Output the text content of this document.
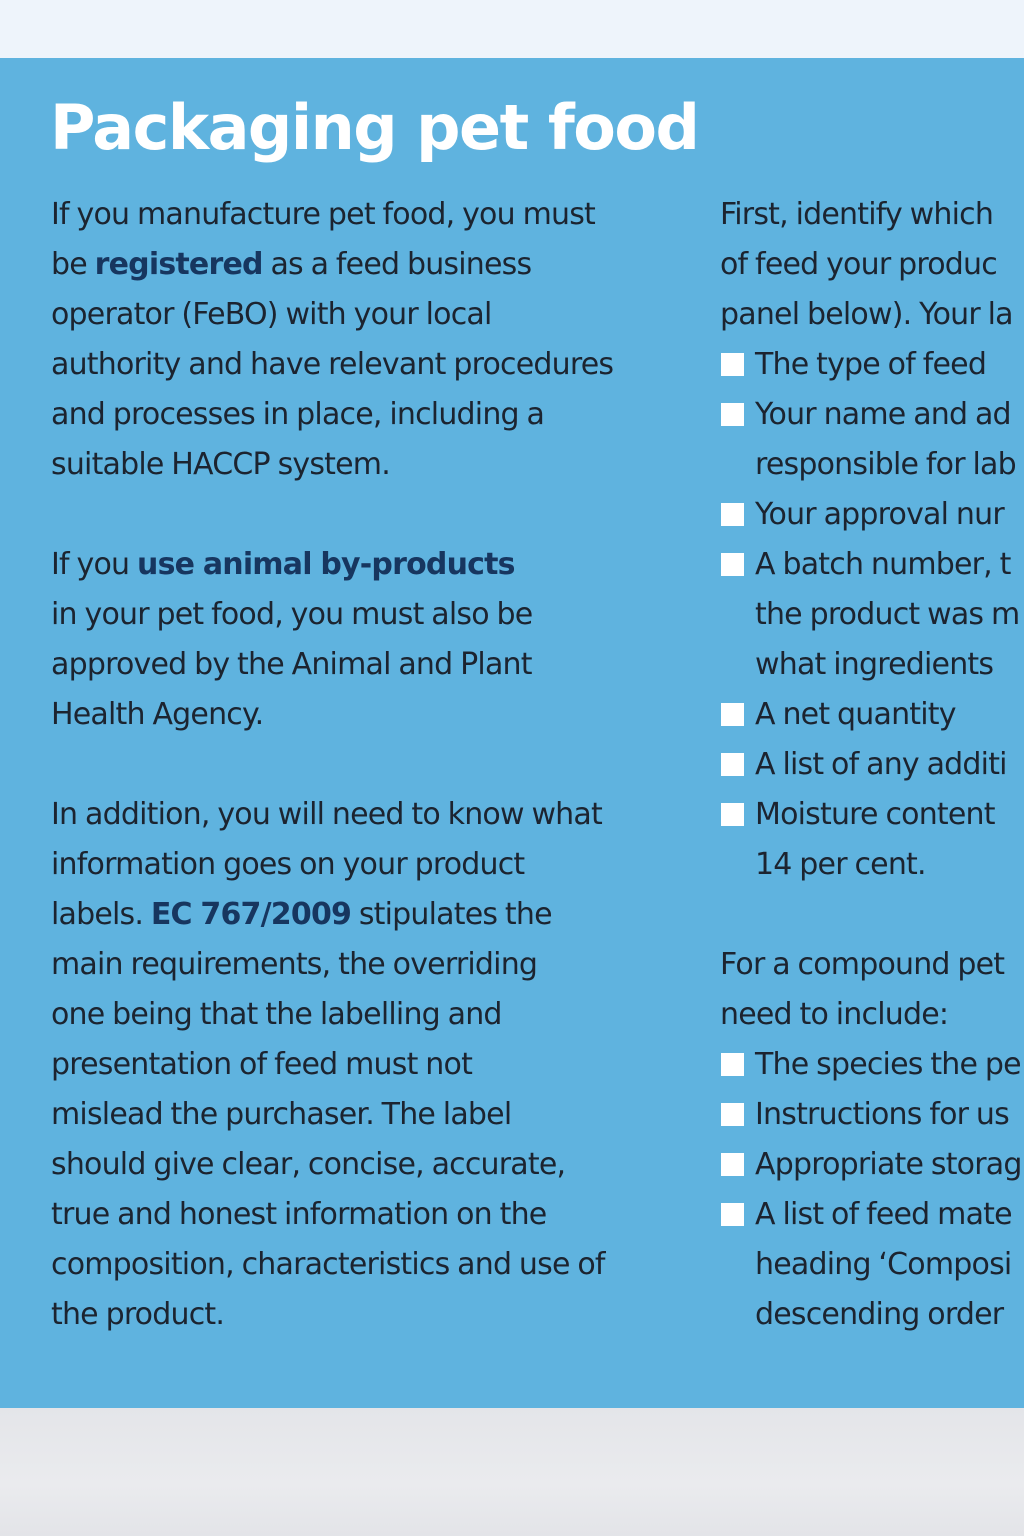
Packaging pet food

If you manufacture pet food, you must
be registered as a feed business
operator (FeBO) with your local
authority and have relevant procedures
and processes in place, including a
suitable HACCP system.

If you use animal by-products
in your pet food, you must also be
approved by the Animal and Plant
Health Agency.

In addition, you will need to know what
information goes on your product
labels. EC 767/2009 stipulates the
main requirements, the overriding
one being that the labelling and
presentation of feed must not
mislead the purchaser. The label
should give clear, concise, accurate,
true and honest information on the
composition, characteristics and use of
the product.

First, identify which
of feed your produc
panel below). Your la

The type of feed
Your name and ad
responsible for lab
Your approval nur
A batch number, t
the product was m
what ingredients
A net quantity
A list of any additi
Moisture content
14 per cent.

For a compound pet
need to include:

The species the pe
Instructions for us
Appropriate storag
A list of feed mate
heading ‘Composi
descending order
